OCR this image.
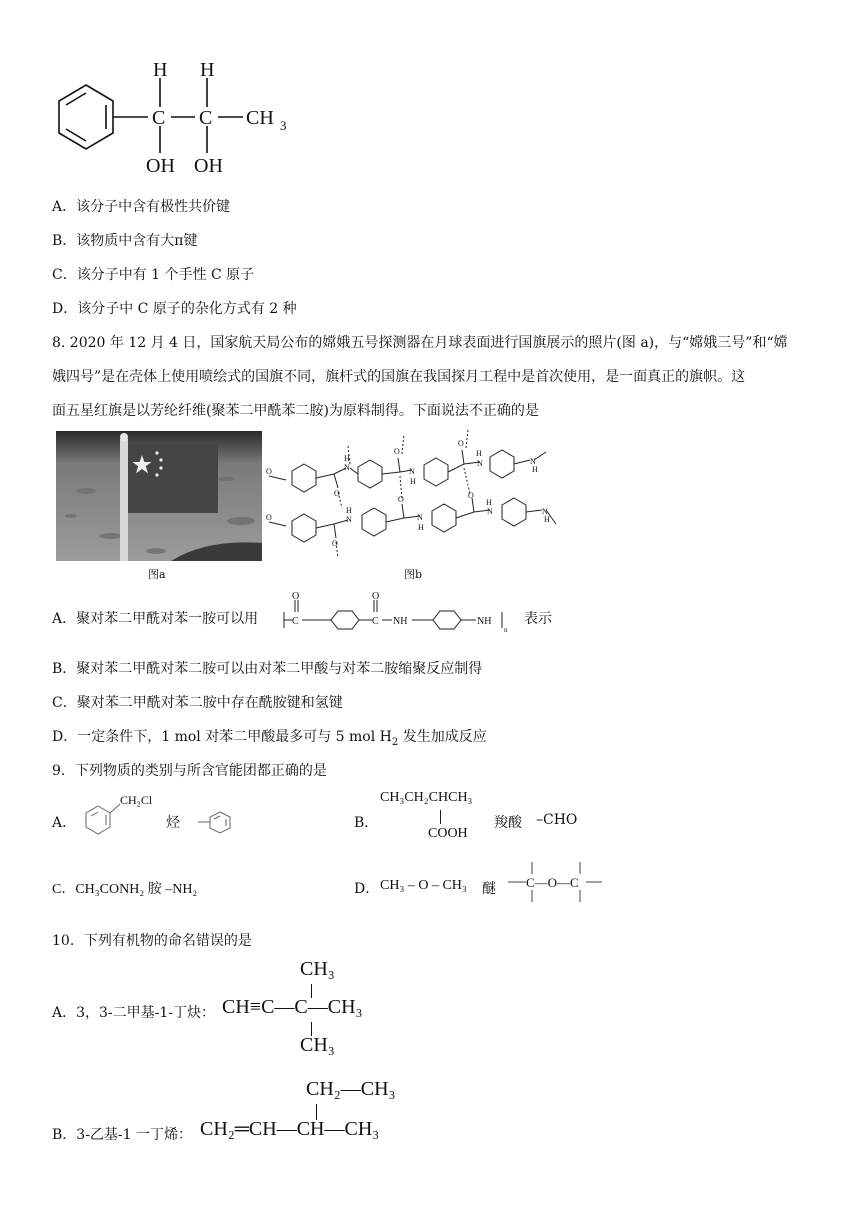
H H
C C CH 3
OH OH
A．该分子中含有极性共价键
B．该物质中含有大π键
C．该分子中有 1 个手性 C 原子
D．该分子中 C 原子的杂化方式有 2 种
8. 2020 年 12 月 4 日，国家航天局公布的嫦娥五号探测器在月球表面进行国旗展示的照片(图 a)，与“嫦娥三号”和“嫦
娥四号”是在壳体上使用喷绘式的国旗不同，旗杆式的国旗在我国探月工程中是首次使用，是一面真正的旗帜。这
面五星红旗是以芳纶纤维(聚苯二甲酰苯二胺)为原料制得。下面说法不正确的是
图a
N
H
N
H
N
H
N
H
N
H
N
H
N
H
N
H
O
O
O
O
O
O
O
O
图b
A．聚对苯二甲酰对苯一胺可以用
O	O
C	C NH	NH
n
表示
B．聚对苯二甲酰对苯二胺可以由对苯二甲酸与对苯二胺缩聚反应制得
C．聚对苯二甲酰对苯二胺中存在酰胺键和氢键
D．一定条件下，1 mol 对苯二甲酸最多可与 5 mol $H_2$ 发生加成反应
9．下列物质的类别与所含官能团都正确的是
A．
CH₂Cl
烃	B．
CH₃CH₂CHCH₃
COOH
羧酸 –CHO
C．CH₃CONH₂ 胺 –NH₂	D． CH₃ – O – CH₃ 醚 C—O—C
10．下列有机物的命名错误的是
A．3，3-二甲基-1-丁炔：
CH₃
CH≡C—C—CH₃
CH₃
B．3-乙基-1 一丁烯：
CH₂—CH₃
CH₂═CH—CH—CH₃
